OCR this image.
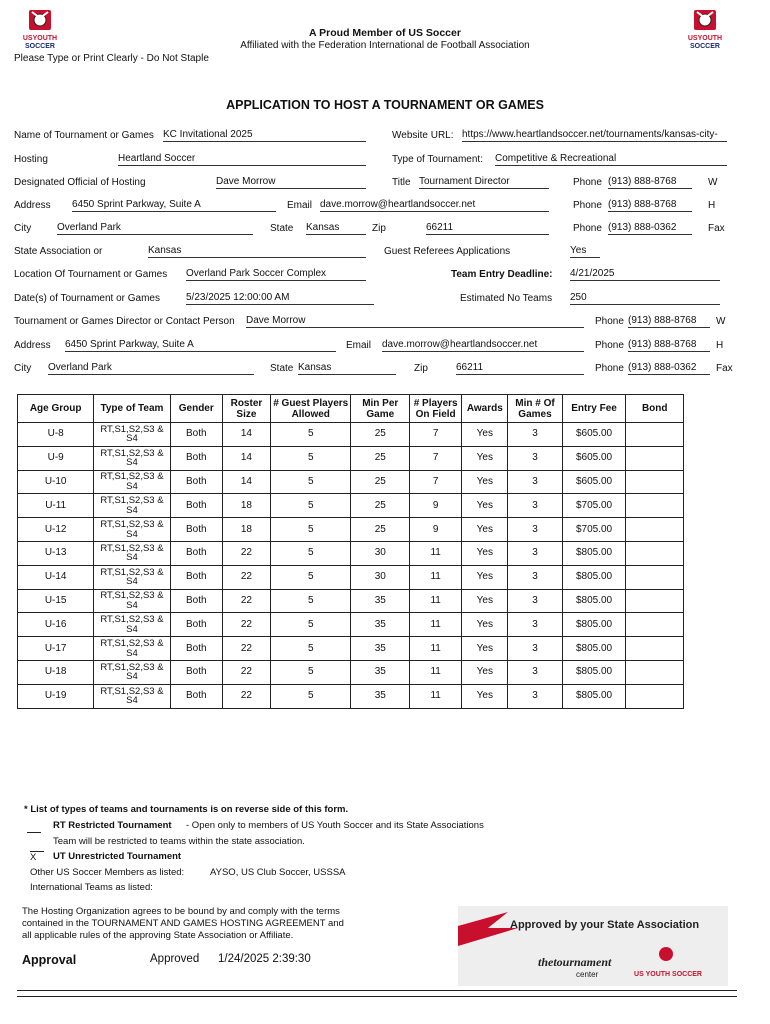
USYOUTH
SOCCER
USYOUTH
SOCCER
A Proud Member of US Soccer
Affiliated with the Federation International de Football Association
Please Type or Print Clearly - Do Not Staple
APPLICATION TO HOST A TOURNAMENT OR GAMES
Name of Tournament or Games KC Invitational 2025	Website URL: https://www.heartlandsoccer.net/tournaments/kansas-city-
Hosting	Heartland Soccer	Type of Tournament: Competitive & Recreational
Designated Official of Hosting	Dave Morrow	Title Tournament Director	Phone (913) 888-8768	W
Address 6450 Sprint Parkway, Suite A	Email dave.morrow@heartlandsoccer.net	Phone (913) 888-8768	H
City	Overland Park	State Kansas	Zip	66211	Phone (913) 888-0362	Fax
State Association or	Kansas	Guest Referees Applications	Yes
Location Of Tournament or Games Overland Park Soccer Complex	Team Entry Deadline: 4/21/2025
Date(s) of Tournament or Games	5/23/2025 12:00:00 AM	Estimated No Teams 250
Tournament or Games Director or Contact Person Dave Morrow	Phone (913) 888-8768	W
Address 6450 Sprint Parkway, Suite A	Email dave.morrow@heartlandsoccer.net	Phone (913) 888-8768	H
City Overland Park	State Kansas	Zip	66211	Phone (913) 888-0362	Fax
Age Group	Type of Team	Gender	Roster Size	# Guest Players Allowed	Min Per Game	# Players On Field	Awards	Min # Of Games	Entry Fee	Bond
U-8	RT,S1,S2,S3 & S4	Both	14	5	25	7	Yes	3	$605.00	
U-9	RT,S1,S2,S3 & S4	Both	14	5	25	7	Yes	3	$605.00	
U-10	RT,S1,S2,S3 & S4	Both	14	5	25	7	Yes	3	$605.00	
U-11	RT,S1,S2,S3 & S4	Both	18	5	25	9	Yes	3	$705.00	
U-12	RT,S1,S2,S3 & S4	Both	18	5	25	9	Yes	3	$705.00	
U-13	RT,S1,S2,S3 & S4	Both	22	5	30	11	Yes	3	$805.00	
U-14	RT,S1,S2,S3 & S4	Both	22	5	30	11	Yes	3	$805.00	
U-15	RT,S1,S2,S3 & S4	Both	22	5	35	11	Yes	3	$805.00	
U-16	RT,S1,S2,S3 & S4	Both	22	5	35	11	Yes	3	$805.00	
U-17	RT,S1,S2,S3 & S4	Both	22	5	35	11	Yes	3	$805.00	
U-18	RT,S1,S2,S3 & S4	Both	22	5	35	11	Yes	3	$805.00	
U-19	RT,S1,S2,S3 & S4	Both	22	5	35	11	Yes	3	$805.00	
* List of types of teams and tournaments is on reverse side of this form.
RT Restricted Tournament - Open only to members of US Youth Soccer and its State Associations
Team will be restricted to teams within the state association.
X	UT Unrestricted Tournament
Other US Soccer Members as listed:	AYSO, US Club Soccer, USSSA
International Teams as listed:
The Hosting Organization agrees to be bound by and comply with the terms
contained in the TOURNAMENT AND GAMES HOSTING AGREEMENT and
all applicable rules of the approving State Association or Affiliate.
Approval	Approved 1/24/2025 2:39:30
Approved by your State Association
thetournament
center	US YOUTH SOCCER
